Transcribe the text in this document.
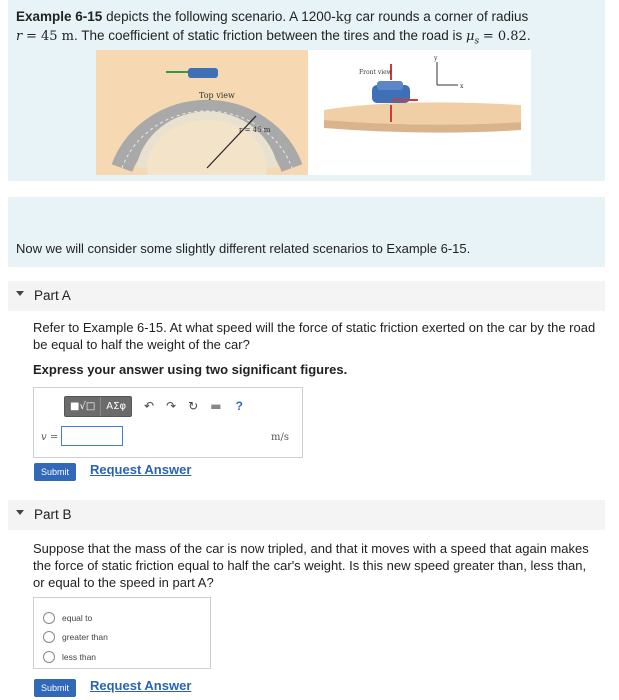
Example 6-15 depicts the following scenario. A 1200-kg car rounds a corner of radius
r = 45 m. The coefficient of static friction between the tires and the road is $\mu_s = 0.82$.
Top view
r = 45 m
Front view
y
x
Now we will consider some slightly different related scenarios to Example 6-15.
Part A
Refer to Example 6-15. At what speed will the force of static friction exerted on the car by the road be equal to half the weight of the car?
Express your answer using two significant figures.
■√□	ΑΣφ	↶ ↷ ↻ ▬ ?
v =	m/s
Submit	Request Answer
Part B
Suppose that the mass of the car is now tripled, and that it moves with a speed that again makes the force of static friction equal to half the car's weight. Is this new speed greater than, less than, or equal to the speed in part A?
equal to
greater than
less than
Submit	Request Answer
